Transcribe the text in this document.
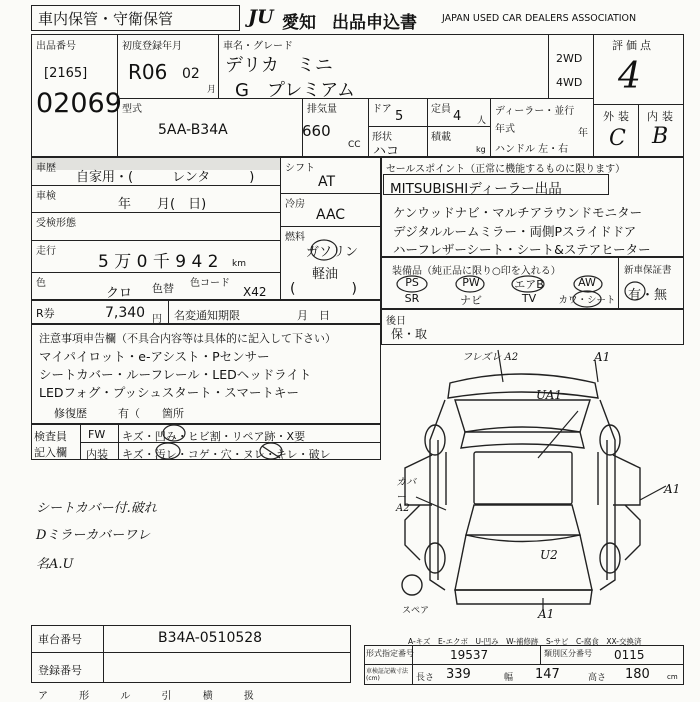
車内保管・守衛保管	JU 愛知 出品申込書	JAPAN USED CAR DEALERS ASSOCIATION
出品番号
[2165]
02069
初度登録年月
R06 02
月
車名・グレード
デリカ　ミニ
G　プレミアム
2WD
4WD
評価点
4
外装 内装
C B
型式
5AA-B34A
排気量
660
CC
ドア 5	定員 4 人
形状
ハコ
積載
kg
ディーラー・並行
年式	年
ハンドル 左・右
車歴
自家用・(　　　レンタ　　　)
車検
年　　月(　日)
受検形態
走行
5 万 0 千 9 4 2 km
色
クロ 色替 色コード
X42
シフト
AT
冷房
AAC
燃料
ガソリン
軽油
(　　　　)
セールスポイント（正常に機能するものに限ります）
MITSUBISHIディーラー出品
ケンウッドナビ・マルチアラウンドモニター
デジタルルームミラー・両側Pスライドドア
ハーフレザーシート・シート&ステアヒーター
装備品（純正品に限り○印を入れる）	新車保証書
有・無
PS	PW	エアB	AW
SR	ナビ	TV	カワ・シート
R券	7,340 円 名変通知期限	月　日	後日
保・取
注意事項申告欄（不具合内容等は具体的に記入して下さい）
マイパイロット・e-アシスト・Pセンサー
シートカバー・ルーフレール・LEDヘッドライト
LEDフォグ・プッシュスタート・スマートキー
修復歴	有（　　箇所
検査員
記入欄
FW キズ・凹み・ヒビ割・リペア跡・X要
内装 キズ・汚レ・コゲ・穴・ヌレ・キレ・破レ
シートカバー付.破れ
Dミラーカバーワレ
名A.U
フレズレ A2	A1
UA1
カバーA2
A1
U2
A1
スペア
A-キズ　E-エクボ　U-凹み　W-補修跡　S-サビ　C-腐食　XX-交換済
車台番号	B34A-0510528
登録番号
形式指定番号	19537	類別区分番号 0115
車検証記載寸法(cm)	長さ 339	幅 147	高さ 180 cm
ア 形 ル 引 横 扱
